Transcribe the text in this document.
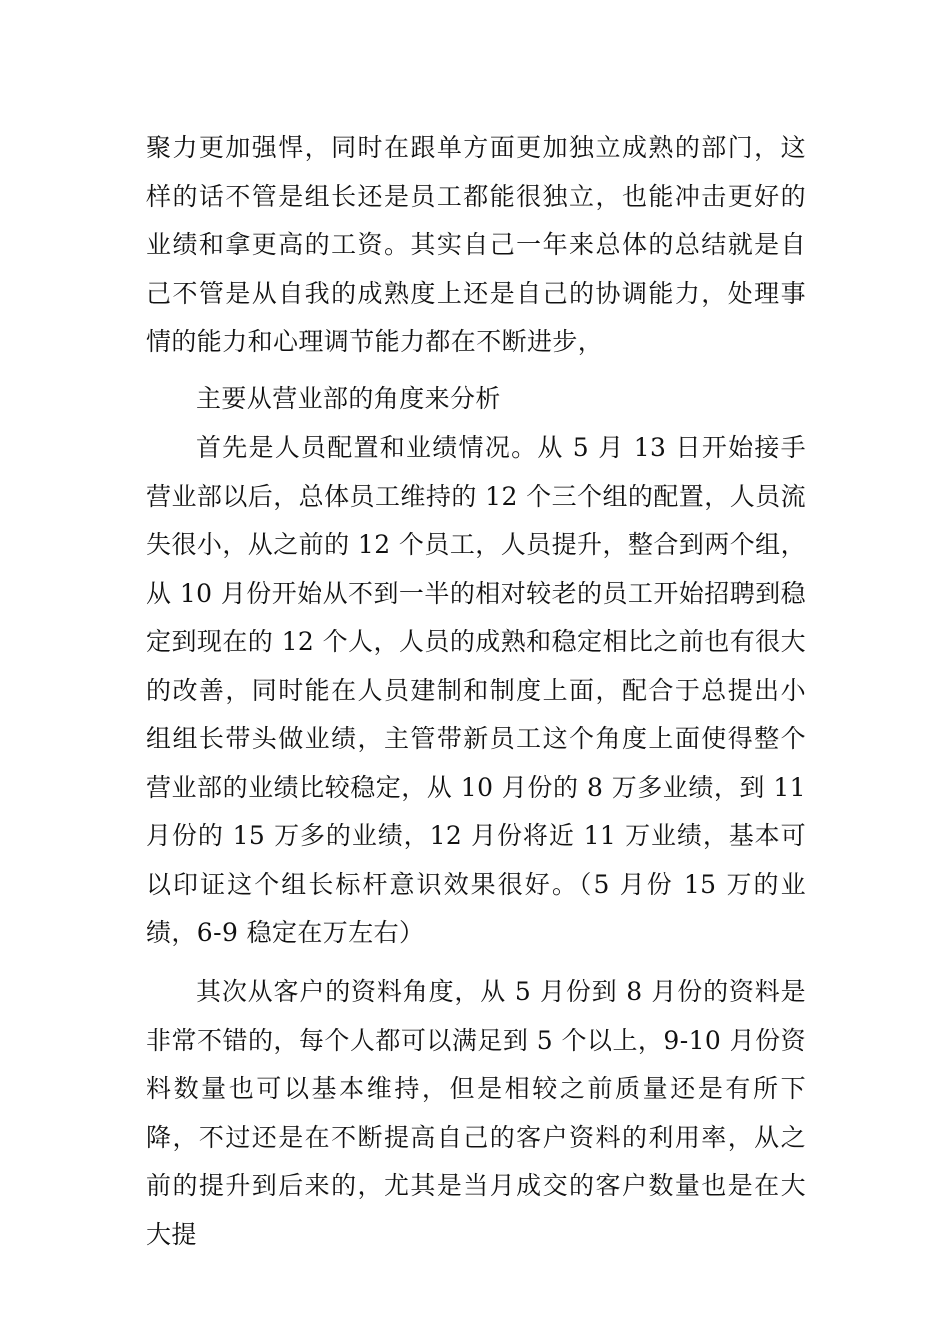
聚力更加强悍，同时在跟单方面更加独立成熟的部门，这样的话不管是组长还是员工都能很独立，也能冲击更好的业绩和拿更高的工资。其实自己一年来总体的总结就是自己不管是从自我的成熟度上还是自己的协调能力，处理事情的能力和心理调节能力都在不断进步，

主要从营业部的角度来分析

首先是人员配置和业绩情况。从 5 月 13 日开始接手营业部以后，总体员工维持的 12 个三个组的配置，人员流失很小，从之前的 12 个员工，人员提升，整合到两个组，从 10 月份开始从不到一半的相对较老的员工开始招聘到稳定到现在的 12 个人，人员的成熟和稳定相比之前也有很大的改善，同时能在人员建制和制度上面，配合于总提出小组组长带头做业绩，主管带新员工这个角度上面使得整个营业部的业绩比较稳定，从 10 月份的 8 万多业绩，到 11 月份的 15 万多的业绩，12 月份将近 11 万业绩，基本可以印证这个组长标杆意识效果很好。（5 月份 15 万的业绩，6-9 稳定在万左右）

其次从客户的资料角度，从 5 月份到 8 月份的资料是非常不错的，每个人都可以满足到 5 个以上，9-10 月份资料数量也可以基本维持，但是相较之前质量还是有所下降，不过还是在不断提高自己的客户资料的利用率，从之前的提升到后来的，尤其是当月成交的客户数量也是在大大提
